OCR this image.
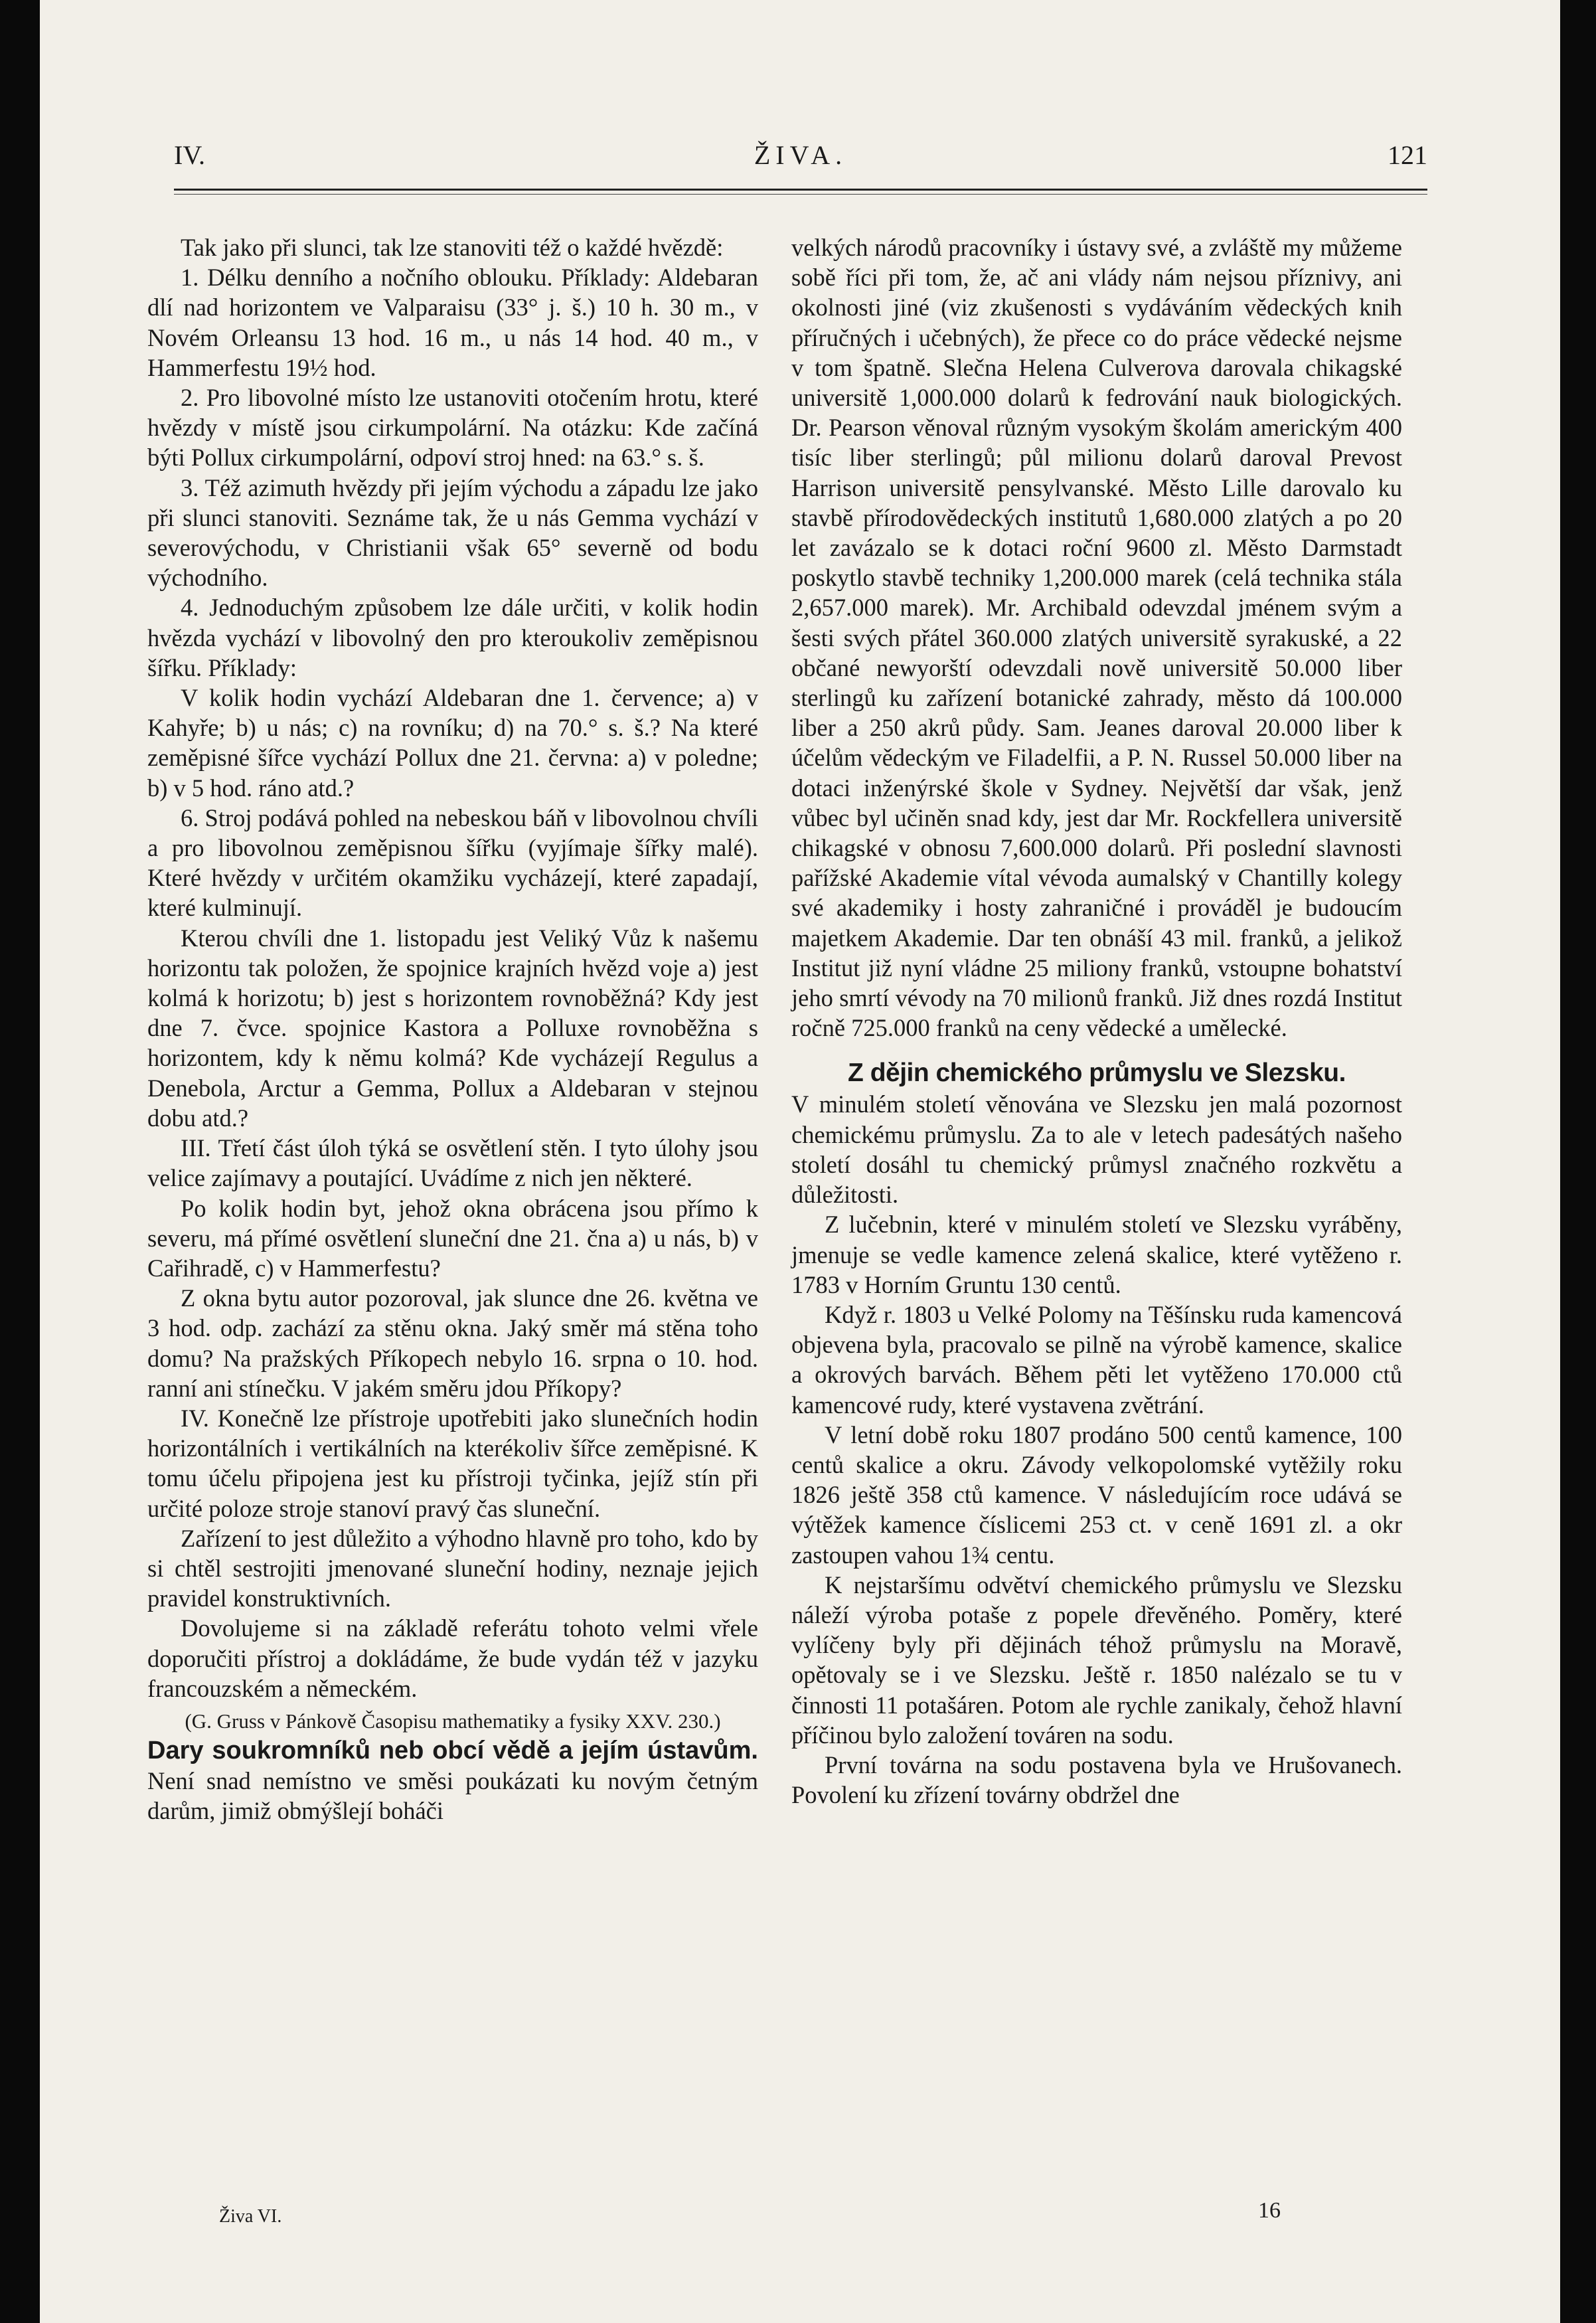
IV.	ŽIVA.	121

Tak jako při slunci, tak lze stanoviti též o každé hvězdě:

1. Délku denního a nočního oblouku. Příklady: Aldebaran dlí nad horizontem ve Valparaisu (33° j. š.) 10 h. 30 m., v Novém Orleansu 13 hod. 16 m., u nás 14 hod. 40 m., v Hammerfestu 19½ hod.

2. Pro libovolné místo lze ustanoviti otočením hrotu, které hvězdy v místě jsou cirkumpolární. Na otázku: Kde začíná býti Pollux cirkumpolární, odpoví stroj hned: na 63.° s. š.

3. Též azimuth hvězdy při jejím východu a západu lze jako při slunci stanoviti. Seznáme tak, že u nás Gemma vychází v severovýchodu, v Christianii však 65° severně od bodu východního.

4. Jednoduchým způsobem lze dále určiti, v kolik hodin hvězda vychází v libovolný den pro kteroukoliv zeměpisnou šířku. Příklady:

V kolik hodin vychází Aldebaran dne 1. července; a) v Kahyře; b) u nás; c) na rovníku; d) na 70.° s. š.? Na které zeměpisné šířce vychází Pollux dne 21. června: a) v poledne; b) v 5 hod. ráno atd.?

6. Stroj podává pohled na nebeskou báň v libovolnou chvíli a pro libovolnou zeměpisnou šířku (vyjímaje šířky malé). Které hvězdy v určitém okamžiku vycházejí, které zapadají, které kulminují.

Kterou chvíli dne 1. listopadu jest Veliký Vůz k našemu horizontu tak položen, že spojnice krajních hvězd voje a) jest kolmá k horizotu; b) jest s horizontem rovnoběžná? Kdy jest dne 7. čvce. spojnice Kastora a Polluxe rovnoběžna s horizontem, kdy k němu kolmá? Kde vycházejí Regulus a Denebola, Arctur a Gemma, Pollux a Aldebaran v stejnou dobu atd.?

III. Třetí část úloh týká se osvětlení stěn. I tyto úlohy jsou velice zajímavy a poutající. Uvádíme z nich jen některé.

Po kolik hodin byt, jehož okna obrácena jsou přímo k severu, má přímé osvětlení sluneční dne 21. čna a) u nás, b) v Cařihradě, c) v Hammerfestu?

Z okna bytu autor pozoroval, jak slunce dne 26. května ve 3 hod. odp. zachází za stěnu okna. Jaký směr má stěna toho domu? Na pražských Příkopech nebylo 16. srpna o 10. hod. ranní ani stínečku. V jakém směru jdou Příkopy?

IV. Konečně lze přístroje upotřebiti jako slunečních hodin horizontálních i vertikálních na kterékoliv šířce zeměpisné. K tomu účelu připojena jest ku přístroji tyčinka, jejíž stín při určité poloze stroje stanoví pravý čas sluneční.

Zařízení to jest důležito a výhodno hlavně pro toho, kdo by si chtěl sestrojiti jmenované sluneční hodiny, neznaje jejich pravidel konstruktivních.

Dovolujeme si na základě referátu tohoto velmi vřele doporučiti přístroj a dokládáme, že bude vydán též v jazyku francouzském a německém.

(G. Gruss v Pánkově Časopisu mathematiky a fysiky XXV. 230.)

Dary soukromníků neb obcí vědě a jejím ústavům. Není snad nemístno ve směsi poukázati ku novým četným darům, jimiž obmýšlejí boháči

velkých národů pracovníky i ústavy své, a zvláště my můžeme sobě říci při tom, že, ač ani vlády nám nejsou příznivy, ani okolnosti jiné (viz zkušenosti s vydáváním vědeckých knih příručných i učebných), že přece co do práce vědecké nejsme v tom špatně. Slečna Helena Culverova darovala chikagské universitě 1,000.000 dolarů k fedrování nauk biologických. Dr. Pearson věnoval různým vysokým školám americkým 400 tisíc liber sterlingů; půl milionu dolarů daroval Prevost Harrison universitě pensylvanské. Město Lille darovalo ku stavbě přírodovědeckých institutů 1,680.000 zlatých a po 20 let zavázalo se k dotaci roční 9600 zl. Město Darmstadt poskytlo stavbě techniky 1,200.000 marek (celá technika stála 2,657.000 marek). Mr. Archibald odevzdal jménem svým a šesti svých přátel 360.000 zlatých universitě syrakuské, a 22 občané newyorští odevzdali nově universitě 50.000 liber sterlingů ku zařízení botanické zahrady, město dá 100.000 liber a 250 akrů půdy. Sam. Jeanes daroval 20.000 liber k účelům vědeckým ve Filadelfii, a P. N. Russel 50.000 liber na dotaci inženýrské škole v Sydney. Největší dar však, jenž vůbec byl učiněn snad kdy, jest dar Mr. Rockfellera universitě chikagské v obnosu 7,600.000 dolarů. Při poslední slavnosti pařížské Akademie vítal vévoda aumalský v Chantilly kolegy své akademiky i hosty zahraničné i prováděl je budoucím majetkem Akademie. Dar ten obnáší 43 mil. franků, a jelikož Institut již nyní vládne 25 miliony franků, vstoupne bohatství jeho smrtí vévody na 70 milionů franků. Již dnes rozdá Institut ročně 725.000 franků na ceny vědecké a umělecké.

Z dějin chemického průmyslu ve Slezsku.

V minulém století věnována ve Slezsku jen malá pozornost chemickému průmyslu. Za to ale v letech padesátých našeho století dosáhl tu chemický průmysl značného rozkvětu a důležitosti.

Z lučebnin, které v minulém století ve Slezsku vyráběny, jmenuje se vedle kamence zelená skalice, které vytěženo r. 1783 v Horním Gruntu 130 centů.

Když r. 1803 u Velké Polomy na Těšínsku ruda kamencová objevena byla, pracovalo se pilně na výrobě kamence, skalice a okrových barvách. Během pěti let vytěženo 170.000 ctů kamencové rudy, které vystavena zvětrání.

V letní době roku 1807 prodáno 500 centů kamence, 100 centů skalice a okru. Závody velkopolomské vytěžily roku 1826 ještě 358 ctů kamence. V následujícím roce udává se výtěžek kamence číslicemi 253 ct. v ceně 1691 zl. a okr zastoupen vahou 1¾ centu.

K nejstaršímu odvětví chemického průmyslu ve Slezsku náleží výroba potaše z popele dřevěného. Poměry, které vylíčeny byly při dějinách téhož průmyslu na Moravě, opětovaly se i ve Slezsku. Ještě r. 1850 nalézalo se tu v činnosti 11 potašáren. Potom ale rychle zanikaly, čehož hlavní příčinou bylo založení továren na sodu.

První továrna na sodu postavena byla ve Hrušovanech. Povolení ku zřízení továrny obdržel dne

Živa VI.	16
